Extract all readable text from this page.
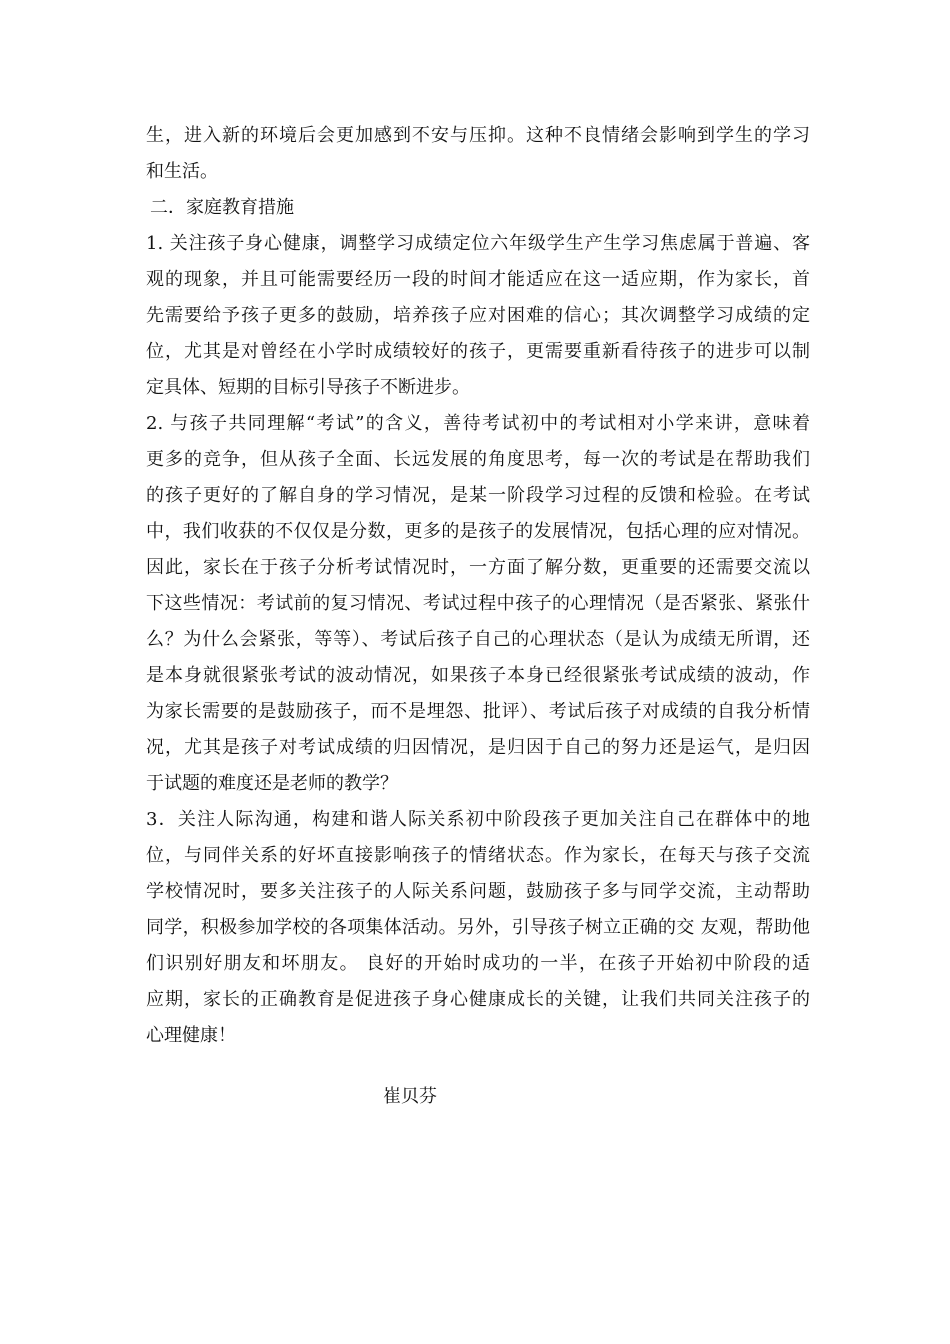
生，进入新的环境后会更加感到不安与压抑。这种不良情绪会影响到学生的学习
和生活。
二．家庭教育措施
1. 关注孩子身心健康，调整学习成绩定位六年级学生产生学习焦虑属于普遍、客
观的现象，并且可能需要经历一段的时间才能适应在这一适应期，作为家长，首
先需要给予孩子更多的鼓励，培养孩子应对困难的信心；其次调整学习成绩的定
位，尤其是对曾经在小学时成绩较好的孩子，更需要重新看待孩子的进步可以制
定具体、短期的目标引导孩子不断进步。
2. 与孩子共同理解“考试”的含义，善待考试初中的考试相对小学来讲，意味着
更多的竞争，但从孩子全面、长远发展的角度思考，每一次的考试是在帮助我们
的孩子更好的了解自身的学习情况，是某一阶段学习过程的反馈和检验。在考试
中，我们收获的不仅仅是分数，更多的是孩子的发展情况，包括心理的应对情况。
因此，家长在于孩子分析考试情况时，一方面了解分数，更重要的还需要交流以
下这些情况：考试前的复习情况、考试过程中孩子的心理情况（是否紧张、紧张什
么？为什么会紧张，等等）、考试后孩子自己的心理状态（是认为成绩无所谓，还
是本身就很紧张考试的波动情况，如果孩子本身已经很紧张考试成绩的波动，作
为家长需要的是鼓励孩子，而不是埋怨、批评）、考试后孩子对成绩的自我分析情
况，尤其是孩子对考试成绩的归因情况，是归因于自己的努力还是运气，是归因
于试题的难度还是老师的教学？
3．关注人际沟通，构建和谐人际关系初中阶段孩子更加关注自己在群体中的地
位，与同伴关系的好坏直接影响孩子的情绪状态。作为家长，在每天与孩子交流
学校情况时，要多关注孩子的人际关系问题，鼓励孩子多与同学交流，主动帮助
同学，积极参加学校的各项集体活动。另外，引导孩子树立正确的交 友观，帮助他
们识别好朋友和坏朋友。 良好的开始时成功的一半，在孩子开始初中阶段的适
应期，家长的正确教育是促进孩子身心健康成长的关键，让我们共同关注孩子的
心理健康！
崔贝芬
